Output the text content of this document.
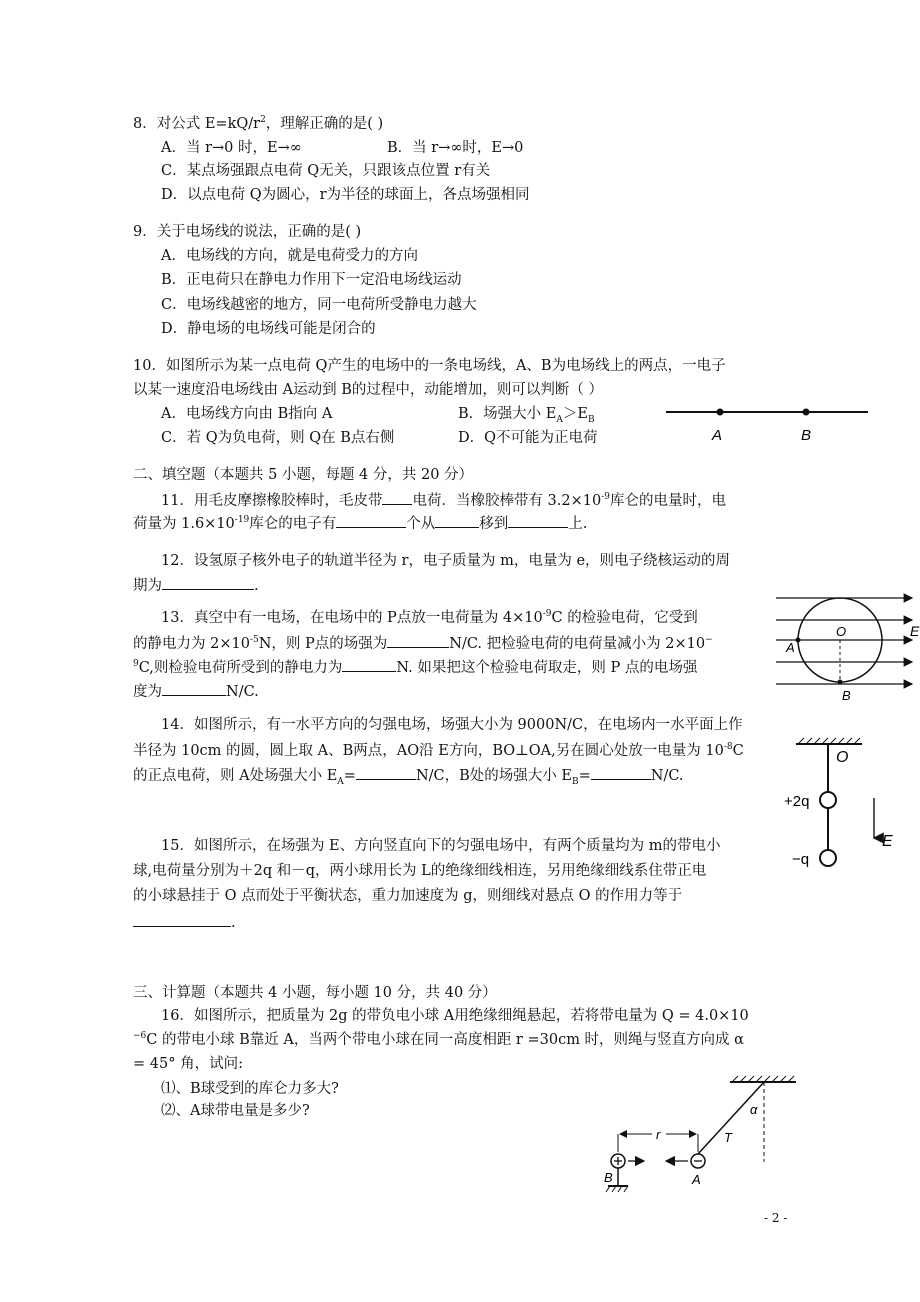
8．对公式 $E=kQ/r^2$，理解正确的是( )
A．当 r→0 时，E→∞	B．当 r→∞时，E→0
C．某点场强跟点电荷 Q无关，只跟该点位置 r有关
D．以点电荷 Q为圆心，r为半径的球面上，各点场强相同
9．关于电场线的说法，正确的是( )
A．电场线的方向，就是电荷受力的方向
B．正电荷只在静电力作用下一定沿电场线运动
C．电场线越密的地方，同一电荷所受静电力越大
D．静电场的电场线可能是闭合的
10．如图所示为某一点电荷 Q产生的电场中的一条电场线，A、B为电场线上的两点，一电子
以某一速度沿电场线由 A运动到 B的过程中，动能增加，则可以判断（ ）
A．电场线方向由 B指向 A	B．场强大小 $E_A>E_B$
C．若 Q为负电荷，则 Q在 B点右侧	D．Q不可能为正电荷	A	B
二、填空题（本题共 5 小题，每题 4 分，共 20 分）
11．用毛皮摩擦橡胶棒时，毛皮带 电荷．当橡胶棒带有 $3.2\times 10^{-9}$库仑的电量时，电
荷量为 $1.6\times 10^{-19}$库仑的电子有	个从	移到	上.
12．设氢原子核外电子的轨道半径为 r，电子质量为 m，电量为 e，则电子绕核运动的周
期为	.
13．真空中有一电场，在电场中的 P点放一电荷量为 $4\times 10^{-9}C$ 的检验电荷，它受到
的静电力为 $2\times 10^{-5}N$，则 P点的场强为	N/C. 把检验电荷的电荷量减小为 2×10−
$^9$C,则检验电荷所受到的静电力为	N. 如果把这个检验电荷取走，则 P 点的电场强
度为	N/C.
O
A
B
E
14．如图所示，有一水平方向的匀强电场，场强大小为 9000N/C，在电场内一水平面上作
半径为 10cm 的圆，圆上取 A、B两点，AO沿 E方向，BO⊥OA,另在圆心处放一电量为 $10^{-8}C$
的正点电荷，则 A处场强大小 $E_A=$	N/C，B处的场强大小 $E_B=$	N/C.
O
+2q
−q
E
15．如图所示，在场强为 E、方向竖直向下的匀强电场中，有两个质量均为 m的带电小
球,电荷量分别为＋2q 和－q，两小球用长为 L的绝缘细线相连，另用绝缘细线系住带正电
的小球悬挂于 O 点而处于平衡状态，重力加速度为 g，则细线对悬点 O 的作用力等于
.
三、计算题（本题共 4 小题，每小题 10 分，共 40 分）
16．如图所示，把质量为 2g 的带负电小球 A用绝缘细绳悬起，若将带电量为 Q = 4.0×10
$^{-6}$C 的带电小球 B靠近 A，当两个带电小球在同一高度相距 r =30cm 时，则绳与竖直方向成 α
= 45° 角，试问:
⑴、B球受到的库仑力多大?
⑵、A球带电量是多少?	α
T
A
B
r
- 2 -
